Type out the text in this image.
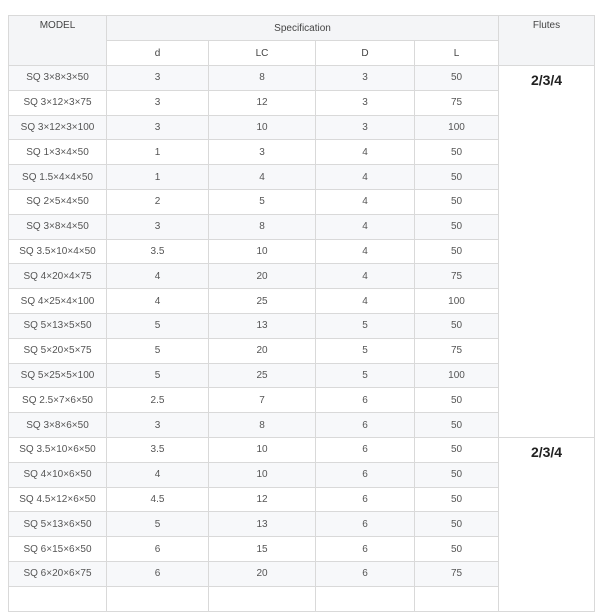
MODEL	Specification				Flutes
	d	LC	D	L	
SQ 3×8×3×50	3	8	3	50	2/3/4
SQ 3×12×3×75	3	12	3	75	
SQ 3×12×3×100	3	10	3	100	
SQ 1×3×4×50	1	3	4	50	
SQ 1.5×4×4×50	1	4	4	50	
SQ 2×5×4×50	2	5	4	50	
SQ 3×8×4×50	3	8	4	50	
SQ 3.5×10×4×50	3.5	10	4	50	
SQ 4×20×4×75	4	20	4	75	
SQ 4×25×4×100	4	25	4	100	
SQ 5×13×5×50	5	13	5	50	
SQ 5×20×5×75	5	20	5	75	
SQ 5×25×5×100	5	25	5	100	
SQ 2.5×7×6×50	2.5	7	6	50	
SQ 3×8×6×50	3	8	6	50	
SQ 3.5×10×6×50	3.5	10	6	50	2/3/4
SQ 4×10×6×50	4	10	6	50	
SQ 4.5×12×6×50	4.5	12	6	50	
SQ 5×13×6×50	5	13	6	50	
SQ 6×15×6×50	6	15	6	50	
SQ 6×20×6×75	6	20	6	75	
